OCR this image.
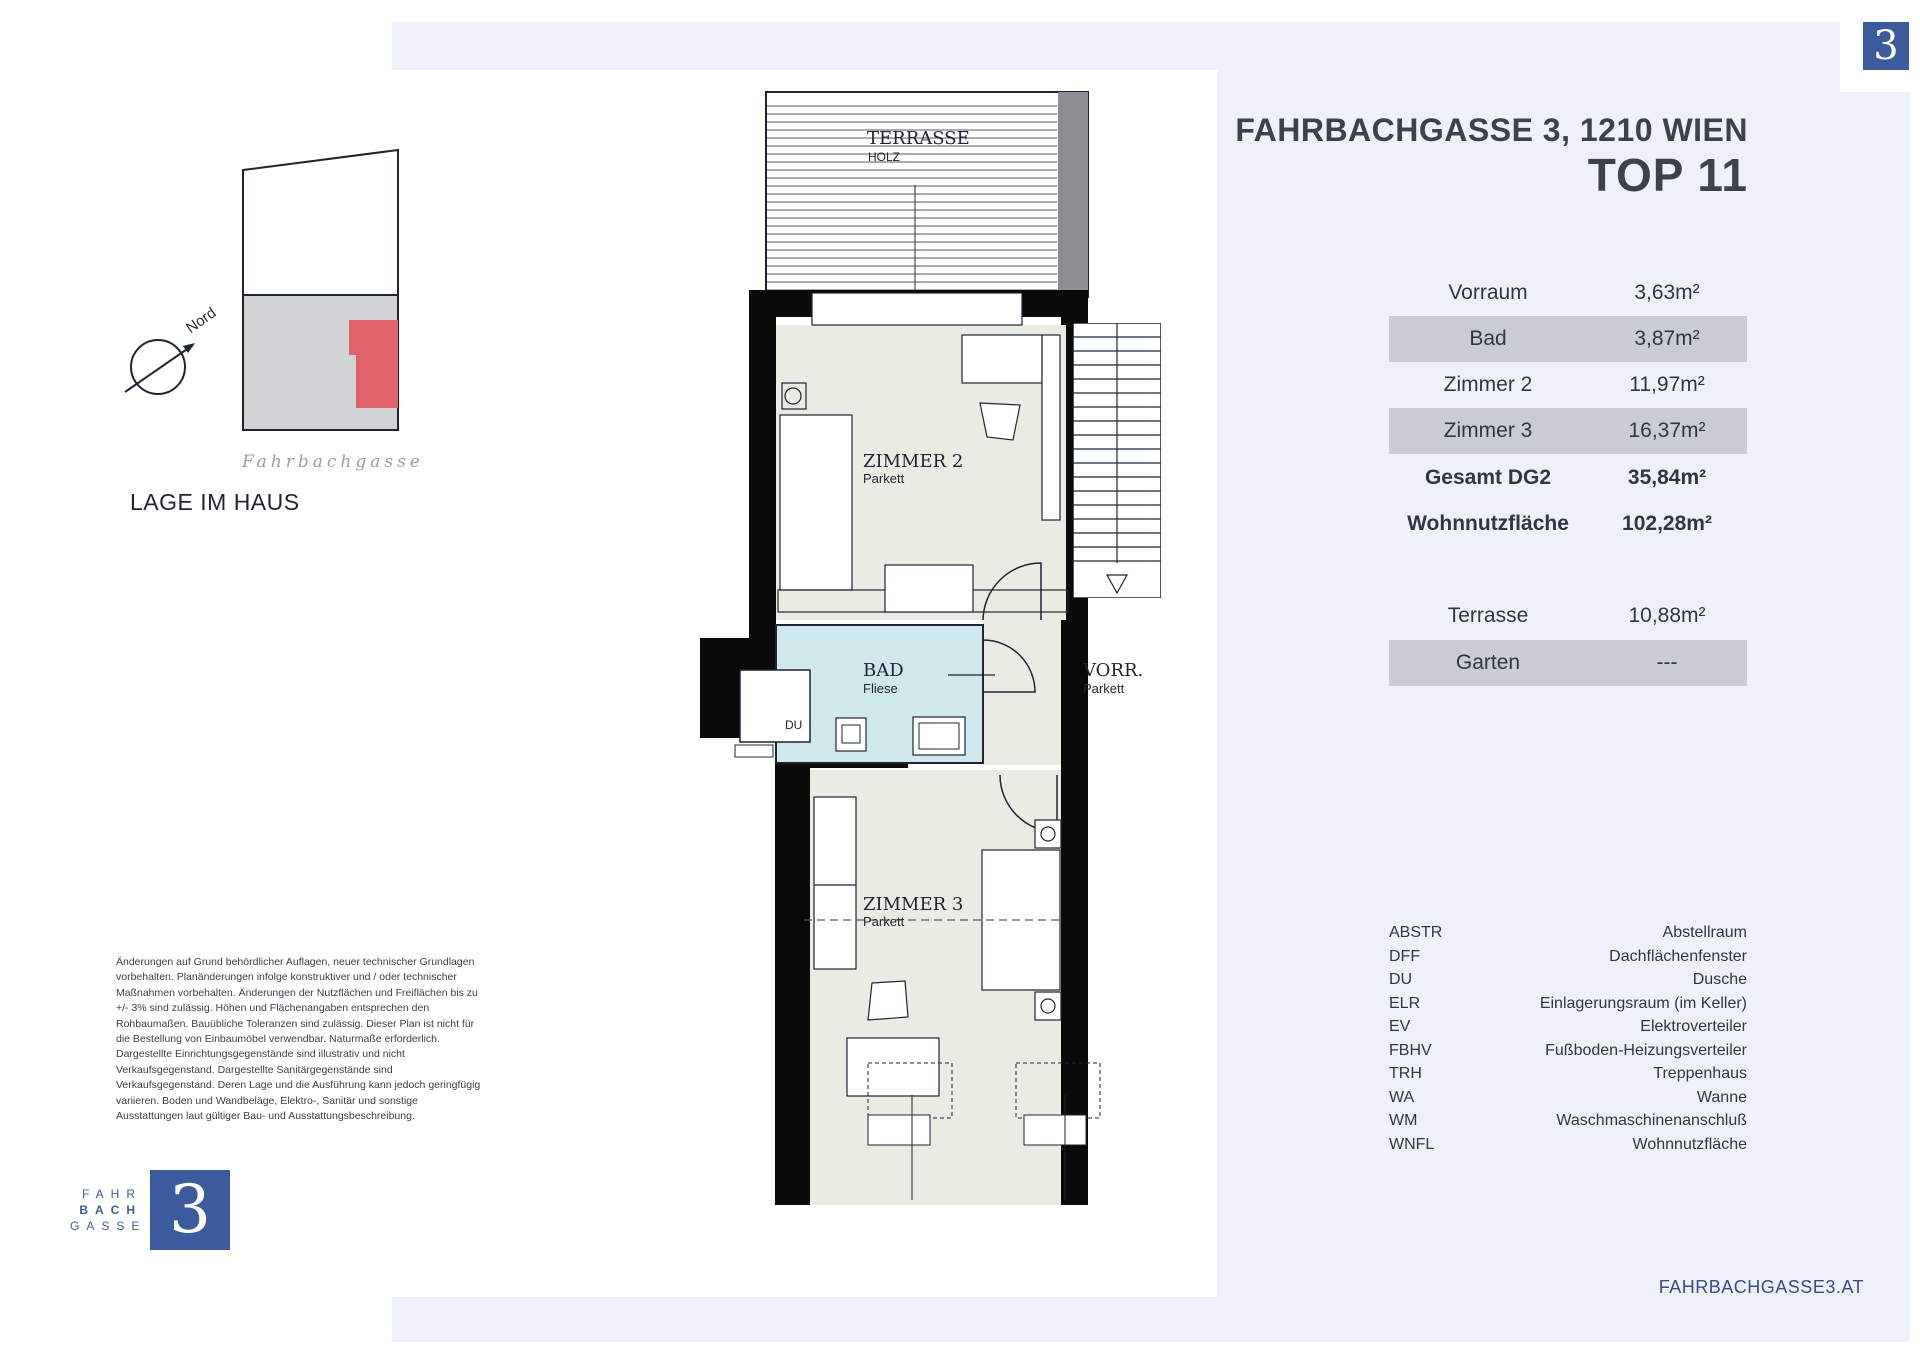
3
Nord
Fahrbachgasse
LAGE IM HAUS
Änderungen auf Grund behördlicher Auflagen, neuer technischer Grundlagen vorbehalten. Planänderungen infolge konstruktiver und / oder technischer Maßnahmen vorbehalten. Änderungen der Nutzflächen und Freiflächen bis zu +/- 3% sind zulässig. Höhen und Flächenangaben entsprechen den Rohbaumaßen. Bauübliche Toleranzen sind zulässig. Dieser Plan ist nicht für die Bestellung von Einbaumöbel verwendbar. Naturmaße erforderlich. Dargestellte Einrichtungsgegenstände sind illustrativ und nicht Verkaufsgegenstand. Dargestellte Sanitärgegenstände sind Verkaufsgegenstand. Deren Lage und die Ausführung kann jedoch geringfügig variieren. Boden und Wandbeläge, Elektro-, Sanitär und sonstige Ausstattungen laut gültiger Bau- und Ausstattungsbeschreibung.
FAHR
BACH
GASSE 3
TERRASSE
HOLZ
ZIMMER 2
Parkett
BAD
Fliese
VORR.
Parkett
ZIMMER 3
Parkett
DU
FAHRBACHGASSE 3, 1210 WIEN
TOP 11
Vorraum	3,63m²
Bad	3,87m²
Zimmer 2	11,97m²
Zimmer 3	16,37m²
Gesamt DG2	35,84m²
Wohnnutzfläche	102,28m²
Terrasse	10,88m²
Garten	---
ABSTR	Abstellraum
DFF	Dachflächenfenster
DU	Dusche
ELR	Einlagerungsraum (im Keller)
EV	Elektroverteiler
FBHV	Fußboden-Heizungsverteiler
TRH	Treppenhaus
WA	Wanne
WM	Waschmaschinenanschluß
WNFL	Wohnnutzfläche
FAHRBACHGASSE3.AT
